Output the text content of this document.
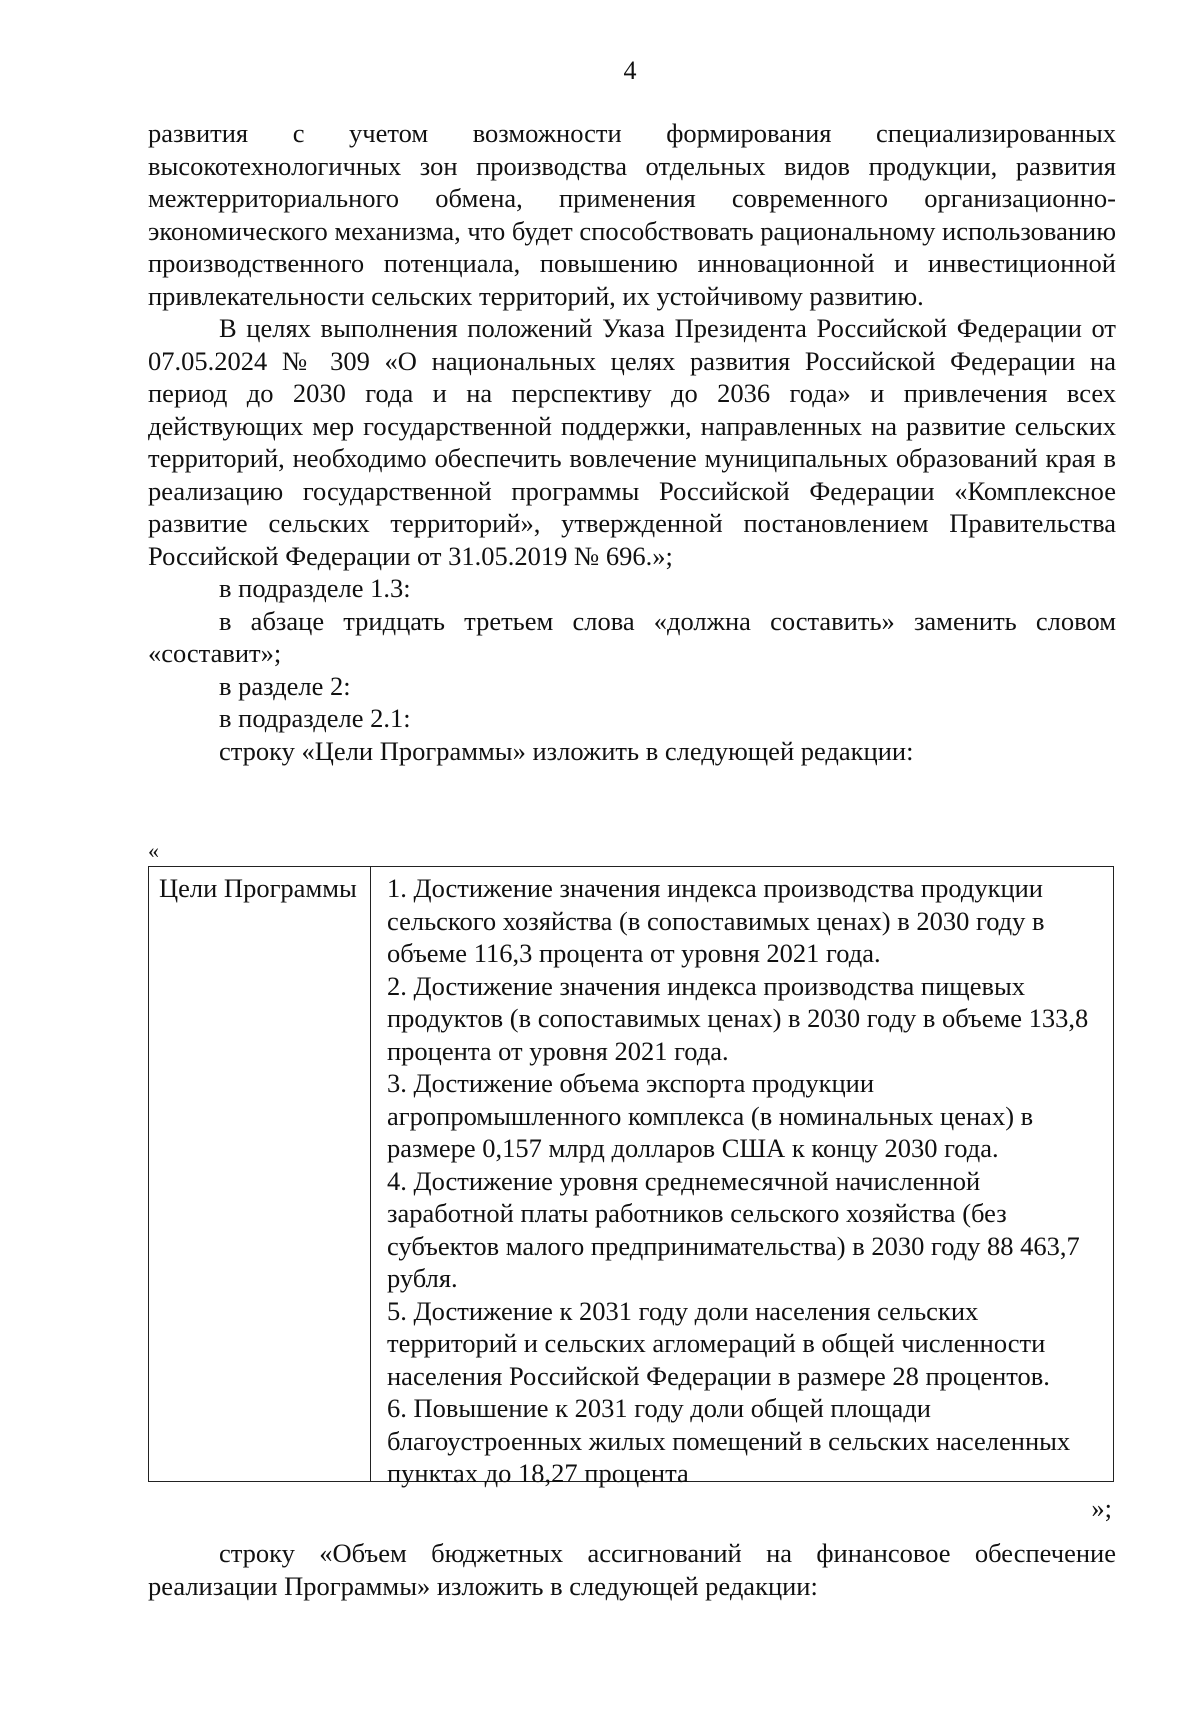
4

развития с учетом возможности формирования специализированных высокотехнологичных зон производства отдельных видов продукции, развития межтерриториального обмена, применения современного организационно-экономического механизма, что будет способствовать рациональному использованию производственного потенциала, повышению инновационной и инвестиционной привлекательности сельских территорий, их устойчивому развитию.

В целях выполнения положений Указа Президента Российской Федерации от 07.05.2024 № 309 «О национальных целях развития Российской Федерации на период до 2030 года и на перспективу до 2036 года» и привлечения всех действующих мер государственной поддержки, направленных на развитие сельских территорий, необходимо обеспечить вовлечение муниципальных образований края в реализацию государственной программы Российской Федерации «Комплексное развитие сельских территорий», утвержденной постановлением Правительства Российской Федерации от 31.05.2019 № 696.»;

в подразделе 1.3:

в абзаце тридцать третьем слова «должна составить» заменить словом «составит»;

в разделе 2:

в подразделе 2.1:

строку «Цели Программы» изложить в следующей редакции:

«
Цели Программы 1. Достижение значения индекса производства продукции сельского хозяйства (в сопоставимых ценах) в 2030 году в объеме 116,3 процента от уровня 2021 года.

2. Достижение значения индекса производства пищевых продуктов (в сопоставимых ценах) в 2030 году в объеме 133,8 процента от уровня 2021 года.

3. Достижение объема экспорта продукции агропромышленного комплекса (в номинальных ценах) в размере 0,157 млрд долларов США к концу 2030 года.

4. Достижение уровня среднемесячной начисленной заработной платы работников сельского хозяйства (без субъектов малого предпринимательства) в 2030 году 88 463,7 рубля.

5. Достижение к 2031 году доли населения сельских территорий и сельских агломераций в общей численности населения Российской Федерации в размере 28 процентов.

6. Повышение к 2031 году доли общей площади благоустроенных жилых помещений в сельских населенных пунктах до 18,27 процента

»;

строку «Объем бюджетных ассигнований на финансовое обеспечение реализации Программы» изложить в следующей редакции:
